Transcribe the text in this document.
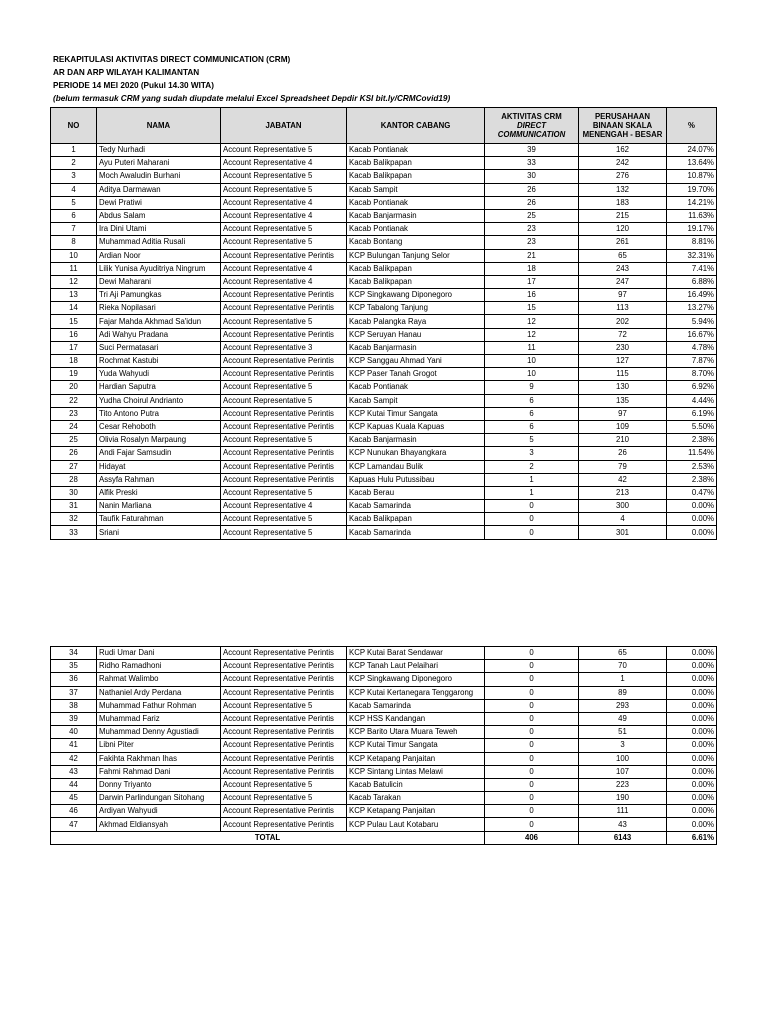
REKAPITULASI AKTIVITAS DIRECT COMMUNICATION (CRM)
AR DAN ARP WILAYAH KALIMANTAN
PERIODE 14 MEI 2020 (Pukul 14.30 WITA)
(belum termasuk CRM yang sudah diupdate melalui Excel Spreadsheet Depdir KSI bit.ly/CRMCovid19)
NO	NAMA	JABATAN	KANTOR CABANG	AKTIVITAS CRM
DIRECT COMMUNICATION	PERUSAHAAN BINAAN SKALA MENENGAH - BESAR	%
1	Tedy Nurhadi	Account Representative 5	Kacab Pontianak	39	162	24.07%
2	Ayu Puteri Maharani	Account Representative 4	Kacab Balikpapan	33	242	13.64%
3	Moch Awaludin Burhani	Account Representative 5	Kacab Balikpapan	30	276	10.87%
4	Aditya Darmawan	Account Representative 5	Kacab Sampit	26	132	19.70%
5	Dewi Pratiwi	Account Representative 4	Kacab Pontianak	26	183	14.21%
6	Abdus Salam	Account Representative 4	Kacab Banjarmasin	25	215	11.63%
7	Ira Dini Utami	Account Representative 5	Kacab Pontianak	23	120	19.17%
8	Muhammad Aditia Rusali	Account Representative 5	Kacab Bontang	23	261	8.81%
10	Ardian Noor	Account Representative Perintis	KCP Bulungan Tanjung Selor	21	65	32.31%
11	Lilik Yunisa Ayuditriya Ningrum	Account Representative 4	Kacab Balikpapan	18	243	7.41%
12	Dewi Maharani	Account Representative 4	Kacab Balikpapan	17	247	6.88%
13	Tri Aji Pamungkas	Account Representative Perintis	KCP Singkawang Diponegoro	16	97	16.49%
14	Rieka Nopilasari	Account Representative Perintis	KCP Tabalong Tanjung	15	113	13.27%
15	Fajar Mahda Akhmad Sa'idun	Account Representative 5	Kacab Palangka Raya	12	202	5.94%
16	Adi Wahyu Pradana	Account Representative Perintis	KCP Seruyan Hanau	12	72	16.67%
17	Suci Permatasari	Account Representative 3	Kacab Banjarmasin	11	230	4.78%
18	Rochmat Kastubi	Account Representative Perintis	KCP Sanggau Ahmad Yani	10	127	7.87%
19	Yuda Wahyudi	Account Representative Perintis	KCP Paser Tanah Grogot	10	115	8.70%
20	Hardian Saputra	Account Representative 5	Kacab Pontianak	9	130	6.92%
22	Yudha Choirul Andrianto	Account Representative 5	Kacab Sampit	6	135	4.44%
23	Tito Antono Putra	Account Representative Perintis	KCP Kutai Timur Sangata	6	97	6.19%
24	Cesar Rehoboth	Account Representative Perintis	KCP Kapuas Kuala Kapuas	6	109	5.50%
25	Olivia Rosalyn Marpaung	Account Representative 5	Kacab Banjarmasin	5	210	2.38%
26	Andi Fajar Samsudin	Account Representative Perintis	KCP Nunukan Bhayangkara	3	26	11.54%
27	Hidayat	Account Representative Perintis	KCP Lamandau Bulik	2	79	2.53%
28	Assyfa Rahman	Account Representative Perintis	Kapuas Hulu Putussibau	1	42	2.38%
30	Alfik Preski	Account Representative 5	Kacab Berau	1	213	0.47%
31	Nanin Marliana	Account Representative 4	Kacab Samarinda	0	300	0.00%
32	Taufik Faturahman	Account Representative 5	Kacab Balikpapan	0	4	0.00%
33	Sriani	Account Representative 5	Kacab Samarinda	0	301	0.00%
34	Rudi Umar Dani	Account Representative Perintis	KCP Kutai Barat Sendawar	0	65	0.00%
35	Ridho Ramadhoni	Account Representative Perintis	KCP Tanah Laut Pelaihari	0	70	0.00%
36	Rahmat Walimbo	Account Representative Perintis	KCP Singkawang Diponegoro	0	1	0.00%
37	Nathaniel Ardy Perdana	Account Representative Perintis	KCP Kutai Kertanegara Tenggarong	0	89	0.00%
38	Muhammad Fathur Rohman	Account Representative 5	Kacab Samarinda	0	293	0.00%
39	Muhammad Fariz	Account Representative Perintis	KCP HSS Kandangan	0	49	0.00%
40	Muhammad Denny Agustiadi	Account Representative Perintis	KCP Barito Utara Muara Teweh	0	51	0.00%
41	Libni Piter	Account Representative Perintis	KCP Kutai Timur Sangata	0	3	0.00%
42	Fakihta Rakhman Ihas	Account Representative Perintis	KCP Ketapang Panjaitan	0	100	0.00%
43	Fahmi Rahmad Dani	Account Representative Perintis	KCP Sintang Lintas Melawi	0	107	0.00%
44	Donny Triyanto	Account Representative 5	Kacab Batulicin	0	223	0.00%
45	Darwin Parlindungan Sitohang	Account Representative 5	Kacab Tarakan	0	190	0.00%
46	Ardiyan Wahyudi	Account Representative Perintis	KCP Ketapang Panjaitan	0	111	0.00%
47	Akhmad Eldiansyah	Account Representative Perintis	KCP Pulau Laut Kotabaru	0	43	0.00%
TOTAL				406	6143	6.61%
